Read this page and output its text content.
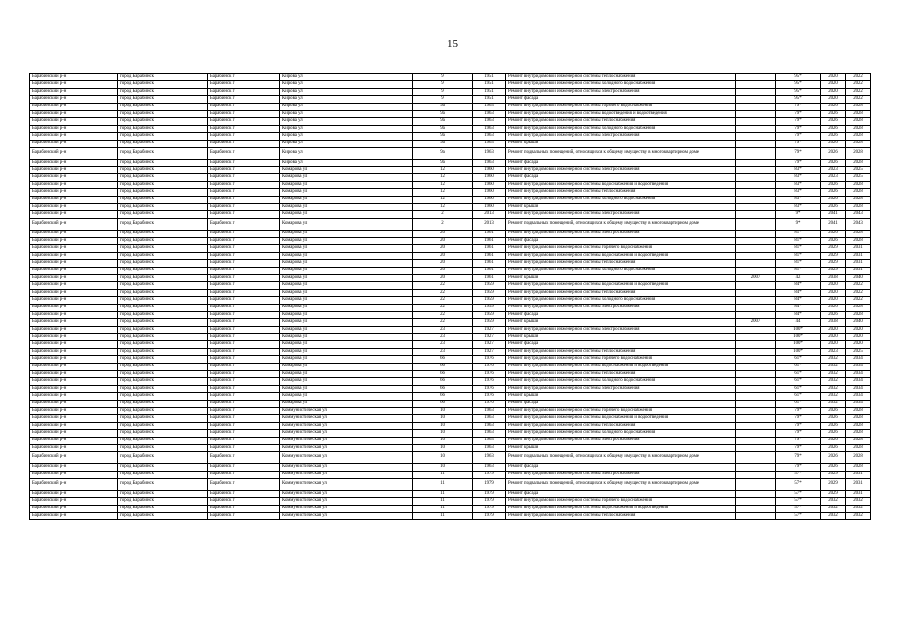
15
Барабинский р-н	город Барабинск	Барабинск г	Кирова ул	9	1951	Ремонт внутридомовой инженерной системы теплоснабжения		95*	2020	2022
Барабинский р-н	город Барабинск	Барабинск г	Кирова ул	9	1951	Ремонт внутридомовой инженерной системы холодного водоснабжения		95*	2020	2022
Барабинский р-н	город Барабинск	Барабинск г	Кирова ул	9	1951	Ремонт внутридомовой инженерной системы электроснабжения		95*	2020	2022
Барабинский р-н	город Барабинск	Барабинск г	Кирова ул	9	1951	Ремонт фасада		95*	2020	2022
Барабинский р-н	город Барабинск	Барабинск г	Кирова ул	9а	1963	Ремонт внутридомовой инженерной системы горячего водоснабжения		79*	2026	2028
Барабинский р-н	город Барабинск	Барабинск г	Кирова ул	9а	1963	Ремонт внутридомовой инженерной системы водоотведения и водоотведения		79*	2026	2028
Барабинский р-н	город Барабинск	Барабинск г	Кирова ул	9а	1963	Ремонт внутридомовой инженерной системы теплоснабжения		79*	2026	2028
Барабинский р-н	город Барабинск	Барабинск г	Кирова ул	9а	1963	Ремонт внутридомовой инженерной системы холодного водоснабжения		79*	2026	2028
Барабинский р-н	город Барабинск	Барабинск г	Кирова ул	9а	1963	Ремонт внутридомовой инженерной системы электроснабжения		79*	2026	2028
Барабинский р-н	город Барабинск	Барабинск г	Кирова ул	9а	1963	Ремонт крыши		79*	2026	2028
Барабинский р-н	город Барабинск	Барабинск г	Кирова ул	9а	1963	Ремонт подвальных помещений, относящихся к общему имуществу в многоквартирном доме		79*	2026	2028
Барабинский р-н	город Барабинск	Барабинск г	Кирова ул	9а	1963	Ремонт фасада		79*	2026	2028
Барабинский р-н	город Барабинск	Барабинск г	Комарова ул	12	1960	Ремонт внутридомовой инженерной системы электроснабжения		83*	2023	2025
Барабинский р-н	город Барабинск	Барабинск г	Комарова ул	12	1960	Ремонт фасада		83*	2023	2025
Барабинский р-н	город Барабинск	Барабинск г	Комарова ул	12	1960	Ремонт внутридомовой инженерной системы водоснабжения и водоотведения		83*	2026	2028
Барабинский р-н	город Барабинск	Барабинск г	Комарова ул	12	1960	Ремонт внутридомовой инженерной системы теплоснабжения		83*	2026	2028
Барабинский р-н	город Барабинск	Барабинск г	Комарова ул	12	1960	Ремонт внутридомовой инженерной системы холодного водоснабжения		83*	2026	2028
Барабинский р-н	город Барабинск	Барабинск г	Комарова ул	12	1960	Ремонт крыши		83*	2026	2028
Барабинский р-н	город Барабинск	Барабинск г	Комарова ул	2	2013	Ремонт внутридомовой инженерной системы электроснабжения		9*	2041	2043
Барабинский р-н	город Барабинск	Барабинск г	Комарова ул	2	2013	Ремонт подвальных помещений, относящихся к общему имуществу в многоквартирном доме		9*	2041	2043
Барабинский р-н	город Барабинск	Барабинск г	Комарова ул	20	1961	Ремонт внутридомовой инженерной системы электроснабжения		81*	2026	2028
Барабинский р-н	город Барабинск	Барабинск г	Комарова ул	20	1961	Ремонт фасада		81*	2026	2028
Барабинский р-н	город Барабинск	Барабинск г	Комарова ул	20	1961	Ремонт внутридомовой инженерной системы горячего водоснабжения		81*	2029	2031
Барабинский р-н	город Барабинск	Барабинск г	Комарова ул	20	1961	Ремонт внутридомовой инженерной системы водоснабжения и водоотведения		81*	2029	2031
Барабинский р-н	город Барабинск	Барабинск г	Комарова ул	20	1961	Ремонт внутридомовой инженерной системы теплоснабжения		81*	2029	2031
Барабинский р-н	город Барабинск	Барабинск г	Комарова ул	20	1961	Ремонт внутридомовой инженерной системы холодного водоснабжения		81*	2029	2031
Барабинский р-н	город Барабинск	Барабинск г	Комарова ул	20	1961	Ремонт крыши	2007	42	2038	2040
Барабинский р-н	город Барабинск	Барабинск г	Комарова ул	22	1959	Ремонт внутридомовой инженерной системы водоснабжения и водоотведения		84*	2020	2022
Барабинский р-н	город Барабинск	Барабинск г	Комарова ул	22	1959	Ремонт внутридомовой инженерной системы теплоснабжения		84*	2020	2022
Барабинский р-н	город Барабинск	Барабинск г	Комарова ул	22	1959	Ремонт внутридомовой инженерной системы холодного водоснабжения		84*	2020	2022
Барабинский р-н	город Барабинск	Барабинск г	Комарова ул	22	1959	Ремонт внутридомовой инженерной системы электроснабжения		84*	2026	2028
Барабинский р-н	город Барабинск	Барабинск г	Комарова ул	22	1959	Ремонт фасада		84*	2026	2028
Барабинский р-н	город Барабинск	Барабинск г	Комарова ул	22	1959	Ремонт крыши	2007	44	2038	2040
Барабинский р-н	город Барабинск	Барабинск г	Комарова ул	23	1927	Ремонт внутридомовой инженерной системы электроснабжения		100*	2020	2020
Барабинский р-н	город Барабинск	Барабинск г	Комарова ул	23	1927	Ремонт крыши		100*	2020	2020
Барабинский р-н	город Барабинск	Барабинск г	Комарова ул	23	1927	Ремонт фасада		100*	2020	2020
Барабинский р-н	город Барабинск	Барабинск г	Комарова ул	23	1927	Ремонт внутридомовой инженерной системы теплоснабжения		100*	2023	2025
Барабинский р-н	город Барабинск	Барабинск г	Комарова ул	66	1976	Ремонт внутридомовой инженерной системы горячего водоснабжения		61*	2032	2034
Барабинский р-н	город Барабинск	Барабинск г	Комарова ул	66	1976	Ремонт внутридомовой инженерной системы водоснабжения и водоотведения		61*	2032	2034
Барабинский р-н	город Барабинск	Барабинск г	Комарова ул	66	1976	Ремонт внутридомовой инженерной системы теплоснабжения		61*	2032	2034
Барабинский р-н	город Барабинск	Барабинск г	Комарова ул	66	1976	Ремонт внутридомовой инженерной системы холодного водоснабжения		61*	2032	2034
Барабинский р-н	город Барабинск	Барабинск г	Комарова ул	66	1976	Ремонт внутридомовой инженерной системы электроснабжения		61*	2032	2034
Барабинский р-н	город Барабинск	Барабинск г	Комарова ул	66	1976	Ремонт крыши		61*	2032	2034
Барабинский р-н	город Барабинск	Барабинск г	Комарова ул	66	1976	Ремонт фасада		61*	2032	2034
Барабинский р-н	город Барабинск	Барабинск г	Коммунистическая ул	10	1963	Ремонт внутридомовой инженерной системы горячего водоснабжения		79*	2026	2028
Барабинский р-н	город Барабинск	Барабинск г	Коммунистическая ул	10	1963	Ремонт внутридомовой инженерной системы водоснабжения и водоотведения		79*	2026	2028
Барабинский р-н	город Барабинск	Барабинск г	Коммунистическая ул	10	1963	Ремонт внутридомовой инженерной системы теплоснабжения		79*	2026	2028
Барабинский р-н	город Барабинск	Барабинск г	Коммунистическая ул	10	1963	Ремонт внутридомовой инженерной системы холодного водоснабжения		79*	2026	2028
Барабинский р-н	город Барабинск	Барабинск г	Коммунистическая ул	10	1963	Ремонт внутридомовой инженерной системы электроснабжения		79*	2026	2028
Барабинский р-н	город Барабинск	Барабинск г	Коммунистическая ул	10	1963	Ремонт крыши		79*	2026	2028
Барабинский р-н	город Барабинск	Барабинск г	Коммунистическая ул	10	1963	Ремонт подвальных помещений, относящихся к общему имуществу в многоквартирном доме		79*	2026	2028
Барабинский р-н	город Барабинск	Барабинск г	Коммунистическая ул	10	1963	Ремонт фасада		79*	2026	2028
Барабинский р-н	город Барабинск	Барабинск г	Коммунистическая ул	11	1979	Ремонт внутридомовой инженерной системы электроснабжения		57*	2029	2031
Барабинский р-н	город Барабинск	Барабинск г	Коммунистическая ул	11	1979	Ремонт подвальных помещений, относящихся к общему имуществу в многоквартирном доме		57*	2029	2031
Барабинский р-н	город Барабинск	Барабинск г	Коммунистическая ул	11	1979	Ремонт фасада		57*	2029	2031
Барабинский р-н	город Барабинск	Барабинск г	Коммунистическая ул	11	1979	Ремонт внутридомовой инженерной системы горячего водоснабжения		57*	2032	2032
Барабинский р-н	город Барабинск	Барабинск г	Коммунистическая ул	11	1979	Ремонт внутридомовой инженерной системы водоснабжения и водоотведения		57*	2032	2032
Барабинский р-н	город Барабинск	Барабинск г	Коммунистическая ул	11	1979	Ремонт внутридомовой инженерной системы теплоснабжения		57*	2032	2032
